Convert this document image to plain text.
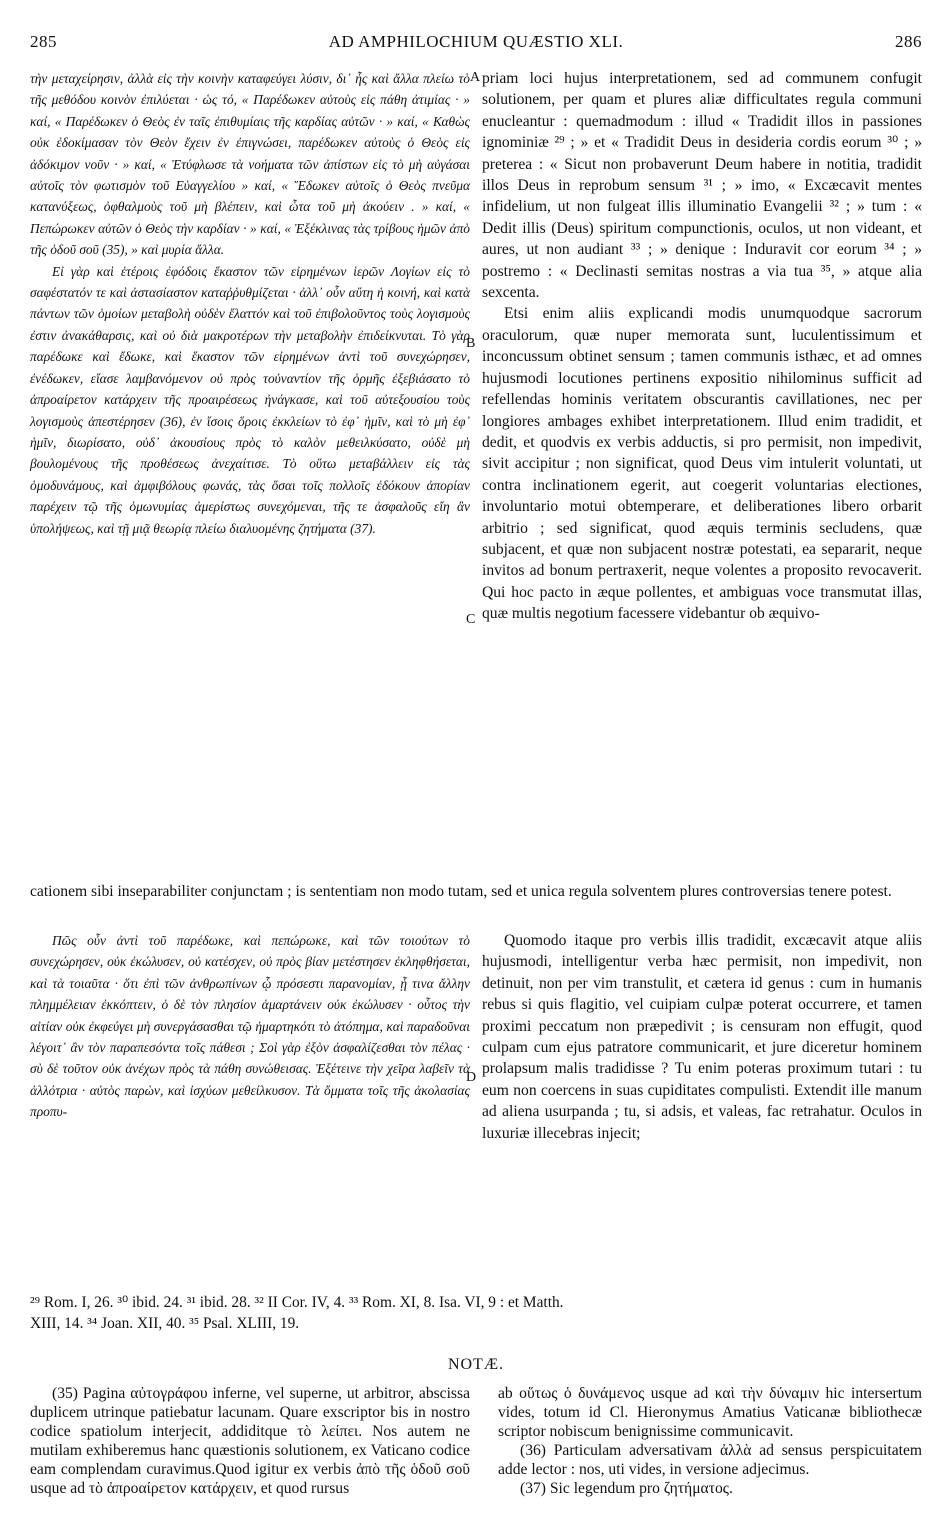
285	AD AMPHILOCHIUM QUÆSTIO XLI.	286

τὴν μεταχείρησιν, ἀλλὰ εἰς τὴν κοινὴν καταφεύγει λύσιν, δι᾽ ἧς καὶ ἄλλα πλείω τὸ τῆς μεθόδου κοινὸν ἐπιλύεται · ὡς τό, « Παρέδωκεν αὐτοὺς εἰς πάθη ἀτιμίας · » καί, « Παρέδωκεν ὁ Θεὸς ἐν ταῖς ἐπιθυμίαις τῆς καρδίας αὐτῶν · » καί, « Καθὼς οὐκ ἐδοκίμασαν τὸν Θεὸν ἔχειν ἐν ἐπιγνώσει, παρέδωκεν αὐτοὺς ὁ Θεὸς εἰς ἀδόκιμον νοῦν · » καί, « Ἐτύφλωσε τὰ νοήματα τῶν ἀπίστων εἰς τὸ μὴ αὐγάσαι αὐτοῖς τὸν φωτισμὸν τοῦ Εὐαγγελίου » καί, « Ἔδωκεν αὐτοῖς ὁ Θεὸς πνεῦμα κατανύξεως, ὀφθαλμοὺς τοῦ μὴ βλέπειν, καὶ ὦτα τοῦ μὴ ἀκούειν . » καί, « Πεπώρωκεν αὐτῶν ὁ Θεὸς τὴν καρδίαν · » καί, « Ἐξέκλινας τὰς τρίβους ἡμῶν ἀπὸ τῆς ὁδοῦ σοῦ (35), » καὶ μυρία ἄλλα.

Εἰ γὰρ καὶ ἑτέροις ἐφόδοις ἕκαστον τῶν εἰρημένων ἱερῶν Λογίων εἰς τὸ σαφέστατόν τε καὶ ἀστασίαστον καταῤῥυθμίζεται · ἀλλ᾽ οὖν αὕτη ἡ κοινή, καὶ κατὰ πάντων τῶν ὁμοίων μεταβολὴ οὐδὲν ἔλαττόν καὶ τοῦ ἐπιβολοῦντος τοὺς λογισμοὺς ἐστιν ἀνακάθαρσις, καὶ οὐ διὰ μακροτέρων τὴν μεταβολὴν ἐπιδείκνυται. Τὸ γὰρ παρέδωκε καὶ ἔδωκε, καὶ ἕκαστον τῶν εἰρημένων ἀντὶ τοῦ συνεχώρησεν, ἐνέδωκεν, εἴασε λαμβανόμενον οὐ πρὸς τοὐναντίον τῆς ὁρμῆς ἐξεβιάσατο τὸ ἀπροαίρετον κατάρχειν τῆς προαιρέσεως ἠνάγκασε, καὶ τοῦ αὐτεξουσίου τοὺς λογισμοὺς ἀπεστέρησεν (36), ἐν ἴσοις ὅροις ἐκκλείων τὸ ἐφ᾽ ἡμῖν, καὶ τὸ μὴ ἐφ᾽ ἡμῖν, διωρίσατο, οὐδ᾽ ἀκουσίους πρὸς τὸ καλὸν μεθειλκύσατο, οὐδὲ μὴ βουλομένους τῆς προθέσεως ἀνεχαίτισε. Τὸ οὕτω μεταβάλλειν εἰς τὰς ὁμοδυνάμους, καὶ ἀμφιβόλους φωνάς, τὰς ὅσαι τοῖς πολλοῖς ἐδόκουν ἀπορίαν παρέχειν τῷ τῆς ὁμωνυμίας ἀμερίστως συνεχόμεναι, τῆς τε ἀσφαλοῦς εἴη ἂν ὑπολήψεως, καὶ τῇ μιᾷ θεωρίᾳ πλείω διαλυομένης ζητήματα (37).

priam loci hujus interpretationem, sed ad communem confugit solutionem, per quam et plures aliæ difficultates regula communi enucleantur : quemadmodum : illud « Tradidit illos in passiones ignominiæ ²⁹ ; » et « Tradidit Deus in desideria cordis eorum ³⁰ ; » preterea : « Sicut non probaverunt Deum habere in notitia, tradidit illos Deus in reprobum sensum ³¹ ; » imo, « Excæcavit mentes infidelium, ut non fulgeat illis illuminatio Evangelii ³² ; » tum : « Dedit illis (Deus) spiritum compunctionis, oculos, ut non videant, et aures, ut non audiant ³³ ; » denique : Induravit cor eorum ³⁴ ; » postremo : « Declinasti semitas nostras a via tua ³⁵, » atque alia sexcenta.

Etsi enim aliis explicandi modis unumquodque sacrorum oraculorum, quæ nuper memorata sunt, luculentissimum et inconcussum obtinet sensum ; tamen communis isthæc, et ad omnes hujusmodi locutiones pertinens expositio nihilominus sufficit ad refellendas hominis veritatem obscurantis cavillationes, nec per longiores ambages exhibet interpretationem. Illud enim tradidit, et dedit, et quodvis ex verbis adductis, si pro permisit, non impedivit, sivit accipitur ; non significat, quod Deus vim intulerit voluntati, ut contra inclinationem egerit, aut coegerit voluntarias electiones, involuntario motui obtemperare, et deliberationes libero orbarit arbitrio ; sed significat, quod æquis terminis secludens, quæ subjacent, et quæ non subjacent nostræ potestati, ea separarit, neque invitos ad bonum pertraxerit, neque volentes a proposito revocaverit. Qui hoc pacto in æque pollentes, et ambiguas voce transmutat illas, quæ multis negotium facessere videbantur ob æquivo-

A
B
C
D

cationem sibi inseparabiliter conjunctam ; is sententiam non modo tutam, sed et unica regula solventem plures controversias tenere potest.

Πῶς οὖν ἀντὶ τοῦ παρέδωκε, καὶ πεπώρωκε, καὶ τῶν τοιούτων τὸ συνεχώρησεν, οὐκ ἐκώλυσεν, οὐ κατέσχεν, οὐ πρὸς βίαν μετέστησεν ἐκληφθήσεται, καὶ τὰ τοιαῦτα · ὅτι ἐπὶ τῶν ἀνθρωπίνων ᾧ πρόσεστι παρανομίαν, ᾗ τινα ἄλλην πλημμέλειαν ἐκκόπτειν, ὁ δὲ τὸν πλησίον ἁμαρτάνειν οὐκ ἐκώλυσεν · οὗτος τὴν αἰτίαν οὐκ ἐκφεύγει μὴ συνεργάσασθαι τῷ ἡμαρτηκότι τὸ ἀτόπημα, καὶ παραδοῦναι λέγοιτ᾽ ἂν τὸν παραπεσόντα τοῖς πάθεσι ; Σοὶ γὰρ ἐξὸν ἀσφαλίζεσθαι τὸν πέλας · σὺ δὲ τοῦτον οὐκ ἀνέχων πρὸς τὰ πάθη συνώθεισας. Ἐξέτεινε τὴν χεῖρα λαβεῖν τὰ ἀλλότρια · αὐτὸς παρὼν, καὶ ἰσχύων μεθείλκυσον. Τὰ ὄμματα τοῖς τῆς ἀκολασίας προπυ-

Quomodo itaque pro verbis illis tradidit, excæcavit atque aliis hujusmodi, intelligentur verba hæc permisit, non impedivit, non detinuit, non per vim transtulit, et cætera id genus : cum in humanis rebus si quis flagitio, vel cuipiam culpæ poterat occurrere, et tamen proximi peccatum non præpedivit ; is censuram non effugit, quod culpam cum ejus patratore communicarit, et jure diceretur hominem prolapsum malis tradidisse ? Tu enim poteras proximum tutari : tu eum non coercens in suas cupiditates compulisti. Extendit ille manum ad aliena usurpanda ; tu, si adsis, et valeas, fac retrahatur. Oculos in luxuriæ illecebras injecit;

²⁹ Rom. I, 26. ³⁰ ibid. 24. ³¹ ibid. 28. ³² II Cor. IV, 4. ³³ Rom. XI, 8. Isa. VI, 9 : et Matth.

XIII, 14. ³⁴ Joan. XII, 40. ³⁵ Psal. XLIII, 19.

NOTÆ.

(35) Pagina αὐτογράφου inferne, vel superne, ut arbitror, abscissa duplicem utrinque patiebatur lacunam. Quare exscriptor bis in nostro codice spatiolum interjecit, addiditque τὸ λείπει. Nos autem ne mutilam exhiberemus hanc quæstionis solutionem, ex Vaticano codice eam complendam curavimus.Quod igitur ex verbis ἀπὸ τῆς ὁδοῦ σοῦ usque ad τὸ ἀπροαίρετον κατάρχειν, et quod rursus

ab οὕτως ὁ δυνάμενος usque ad καὶ τὴν δύναμιν hic intersertum vides, totum id Cl. Hieronymus Amatius Vaticanæ bibliothecæ scriptor nobiscum benignissime communicavit.

(36) Particulam adversativam ἀλλὰ ad sensus perspicuitatem adde lector : nos, uti vides, in versione adjecimus.

(37) Sic legendum pro ζητήματος.
